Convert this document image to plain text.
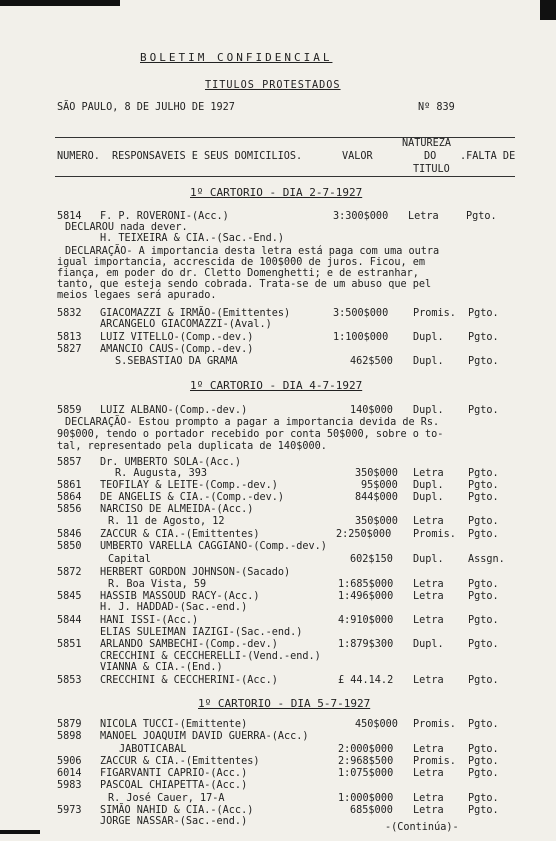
BOLETIM CONFIDENCIAL
TITULOS PROTESTADOS
SÃO PAULO, 8 DE JULHO DE 1927	Nº 839
NATUREZA
NUMERO. RESPONSAVEIS E SEUS DOMICILIOS.	VALOR	DO .FALTA DE
TITULO
1º CARTORIO - DIA 2-7-1927
5814 F. P. ROVERONI-(Acc.)	3:300$000 Letra	Pgto.
DECLAROU nada dever.
H. TEIXEIRA & CIA.-(Sac.-End.)
DECLARAÇÃO- A importancia desta letra está paga com uma outra
igual importancia, accrescida de 100$000 de juros. Ficou, em
fiança, em poder do dr. Cletto Domenghetti; e de estranhar,
tanto, que esteja sendo cobrada. Trata-se de um abuso que pel
meios legaes será apurado.
5832 GIACOMAZZI & IRMÃO-(Emittentes)	3:500$000 Promis. Pgto.
ARCANGELO GIACOMAZZI-(Aval.)
5813 LUIZ VITELLO-(Comp.-dev.)	1:100$000 Dupl. Pgto.
5827 AMANCIO CAUS-(Comp.-dev.)
S.SEBASTIAO DA GRAMA	462$500 Dupl. Pgto.
1º CARTORIO - DIA 4-7-1927
5859 LUIZ ALBANO-(Comp.-dev.)	140$000 Dupl. Pgto.
DECLARAÇÃO- Estou prompto a pagar a importancia devida de Rs.
90$000, tendo o portador recebido por conta 50$000, sobre o to-
tal, representado pela duplicata de 140$000.
5857 Dr. UMBERTO SOLA-(Acc.)
R. Augusta, 393	350$000 Letra Pgto.
5861 TEOFILAY & LEITE-(Comp.-dev.)	95$000 Dupl. Pgto.
5864 DE ANGELIS & CIA.-(Comp.-dev.)	844$000 Dupl. Pgto.
5856 NARCISO DE ALMEIDA-(Acc.)
R. 11 de Agosto, 12	350$000 Letra Pgto.
5846 ZACCUR & CIA.-(Emittentes)	2:250$000 Promis. Pgto.
5850 UMBERTO VARELLA CAGGIANO-(Comp.-dev.)
Capital	602$150 Dupl. Assgn.
5872 HERBERT GORDON JOHNSON-(Sacado)
R. Boa Vista, 59	1:685$000 Letra Pgto.
5845 HASSIB MASSOUD RACY-(Acc.)	1:496$000 Letra Pgto.
H. J. HADDAD-(Sac.-end.)
5844 HANI ISSI-(Acc.)	4:910$000 Letra Pgto.
ELIAS SULEIMAN IAZIGI-(Sac.-end.)
5851 ARLANDO SAMBECHI-(Comp.-dev.)	1:879$300 Dupl. Pgto.
CRECCHINI & CECCHERELLI-(Vend.-end.)
VIANNA & CIA.-(End.)
5853 CRECCHINI & CECCHERINI-(Acc.)	£ 44.14.2 Letra Pgto.
1º CARTORIO - DIA 5-7-1927
5879 NICOLA TUCCI-(Emittente)	450$000 Promis. Pgto.
5898 MANOEL JOAQUIM DAVID GUERRA-(Acc.)
JABOTICABAL	2:000$000 Letra Pgto.
5906 ZACCUR & CIA.-(Emittentes)	2:968$500 Promis. Pgto.
6014 FIGARVANTI CAPRIO-(Acc.)	1:075$000 Letra Pgto.
5983 PASCOAL CHIAPETTA-(Acc.)
R. José Cauer, 17-A	1:000$000 Letra Pgto.
5973 SIMÃO NAHID & CIA.-(Acc.)	685$000 Letra Pgto.
JORGE NASSAR-(Sac.-end.)
-(Continúa)-
